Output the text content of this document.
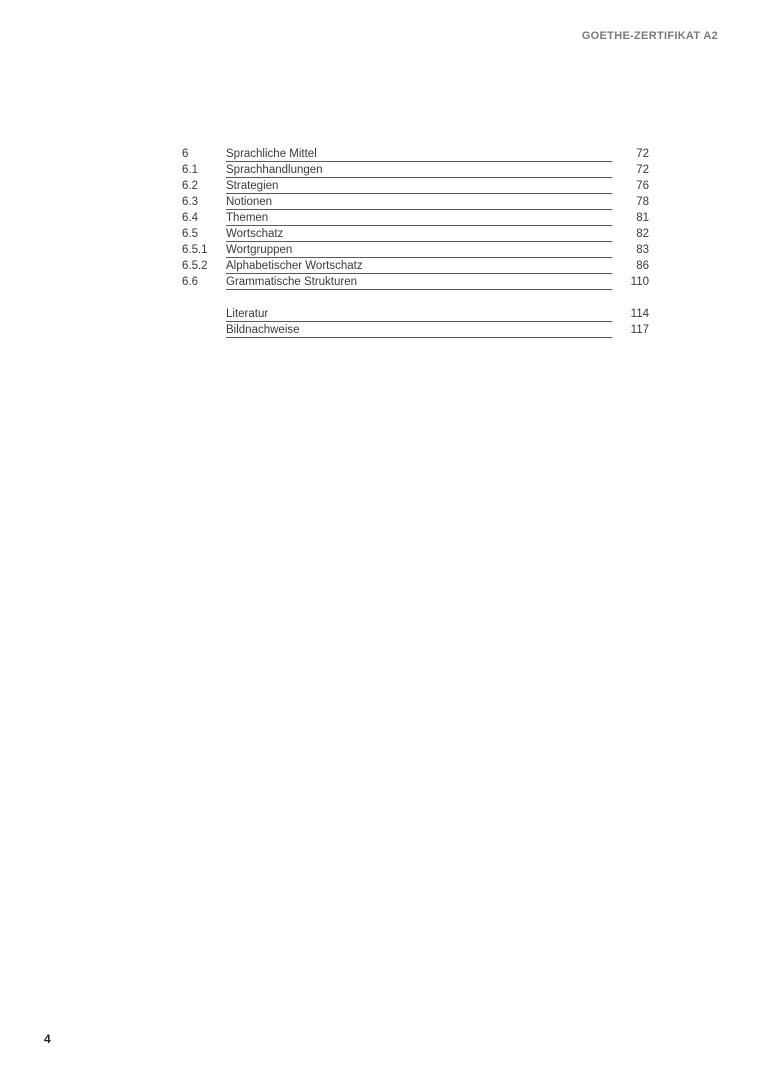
GOETHE-ZERTIFIKAT A2
6	Sprachliche Mittel	72
6.1	Sprachhandlungen	72
6.2	Strategien	76
6.3	Notionen	78
6.4	Themen	81
6.5	Wortschatz	82
6.5.1	Wortgruppen	83
6.5.2	Alphabetischer Wortschatz	86
6.6	Grammatische Strukturen	110
Literatur	114
Bildnachweise	117
4
